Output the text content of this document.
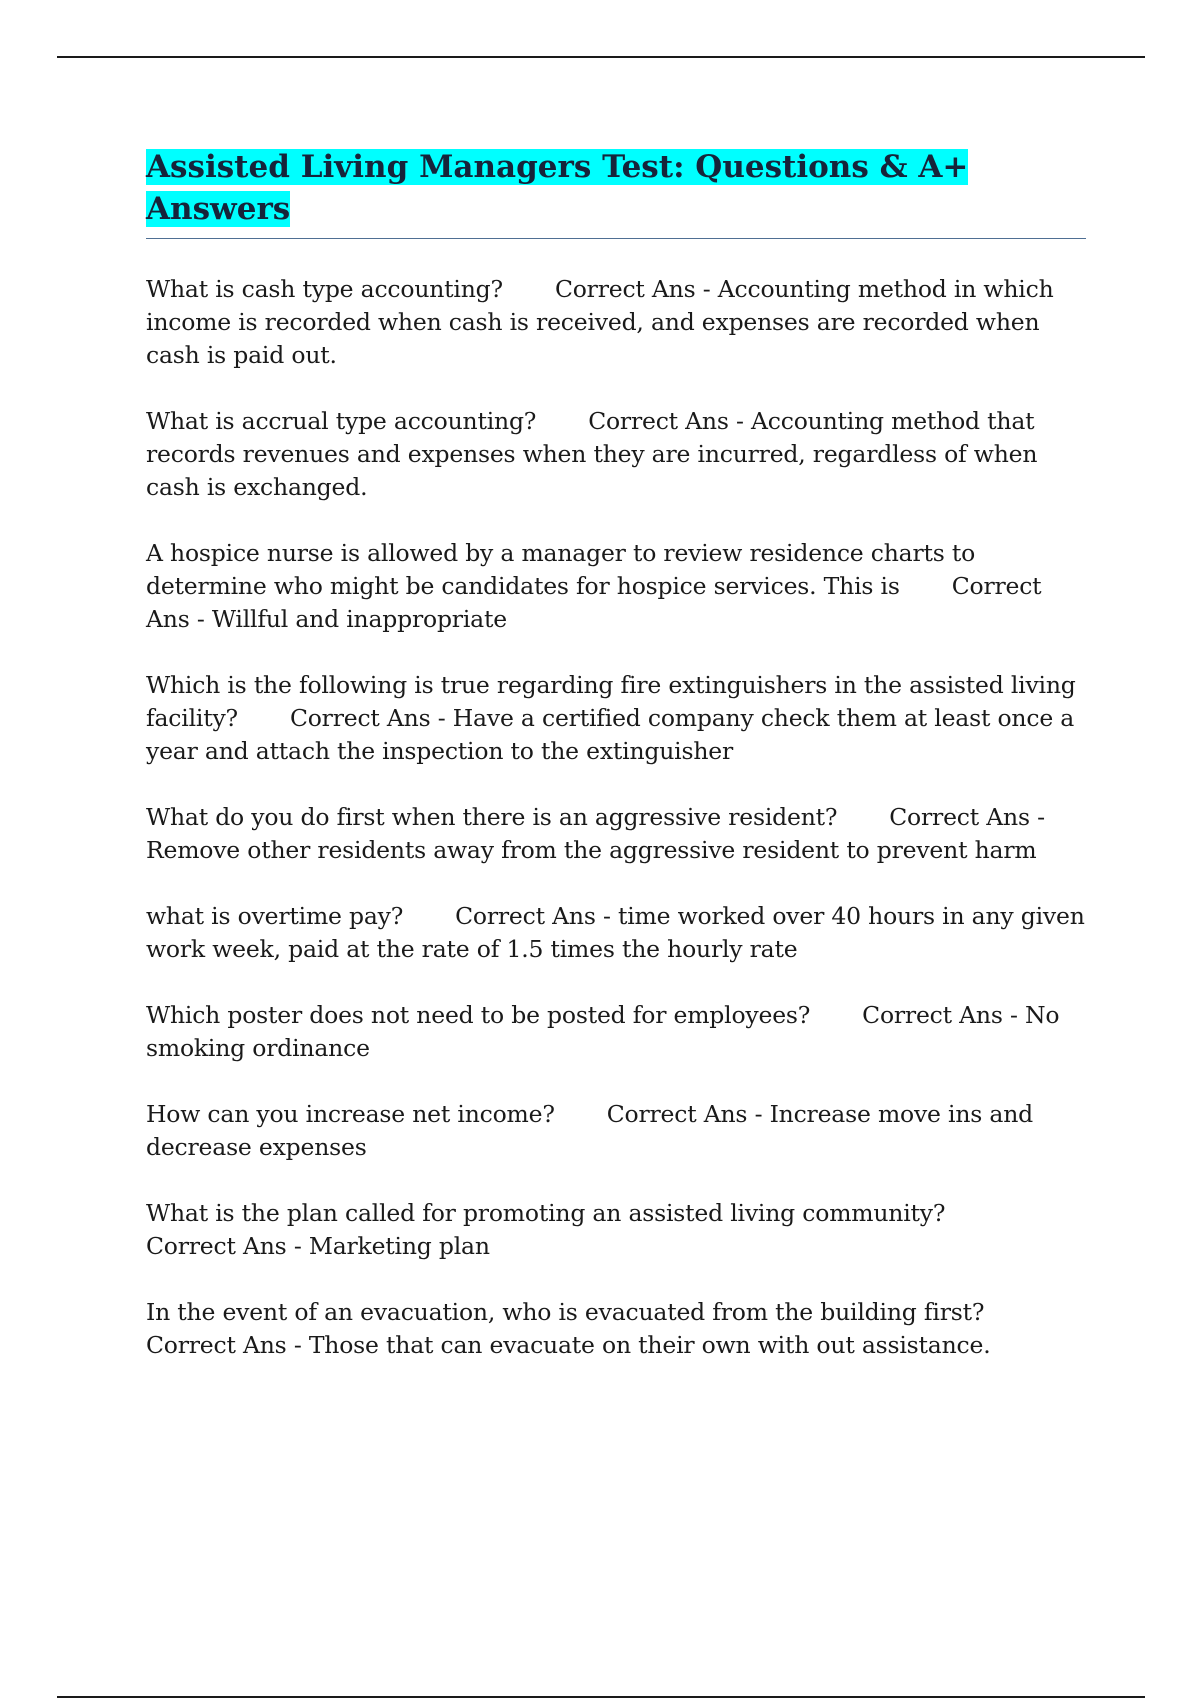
Assisted Living Managers Test: Questions & A+ Answers

What is cash type accounting? Correct Ans - Accounting method in which income is recorded when cash is received, and expenses are recorded when cash is paid out.

What is accrual type accounting? Correct Ans - Accounting method that records revenues and expenses when they are incurred, regardless of when cash is exchanged.

A hospice nurse is allowed by a manager to review residence charts to determine who might be candidates for hospice services. This is Correct Ans - Willful and inappropriate

Which is the following is true regarding fire extinguishers in the assisted living facility? Correct Ans - Have a certified company check them at least once a year and attach the inspection to the extinguisher

What do you do first when there is an aggressive resident? Correct Ans - Remove other residents away from the aggressive resident to prevent harm

what is overtime pay? Correct Ans - time worked over 40 hours in any given work week, paid at the rate of 1.5 times the hourly rate

Which poster does not need to be posted for employees? Correct Ans - No smoking ordinance

How can you increase net income? Correct Ans - Increase move ins and decrease expenses

What is the plan called for promoting an assisted living community?Correct Ans - Marketing plan

In the event of an evacuation, who is evacuated from the building first?Correct Ans - Those that can evacuate on their own with out assistance.
